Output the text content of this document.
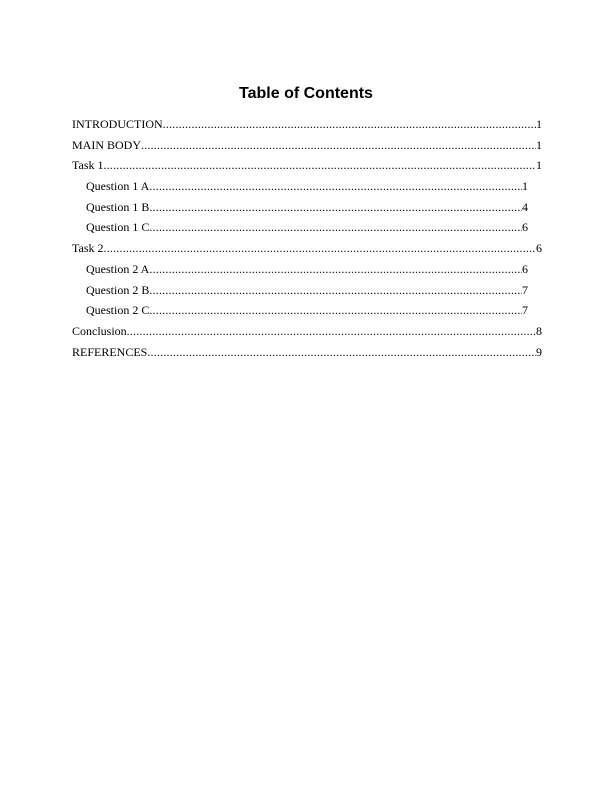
Table of Contents
INTRODUCTION .....	1
MAIN BODY .....	1
Task 1 .....	1
Question 1 A .....	1
Question 1 B .....	4
Question 1 C .....	6
Task 2 .....	6
Question 2 A .....	6
Question 2 B .....	7
Question 2 C .....	7
Conclusion .....	8
REFERENCES .....	9
